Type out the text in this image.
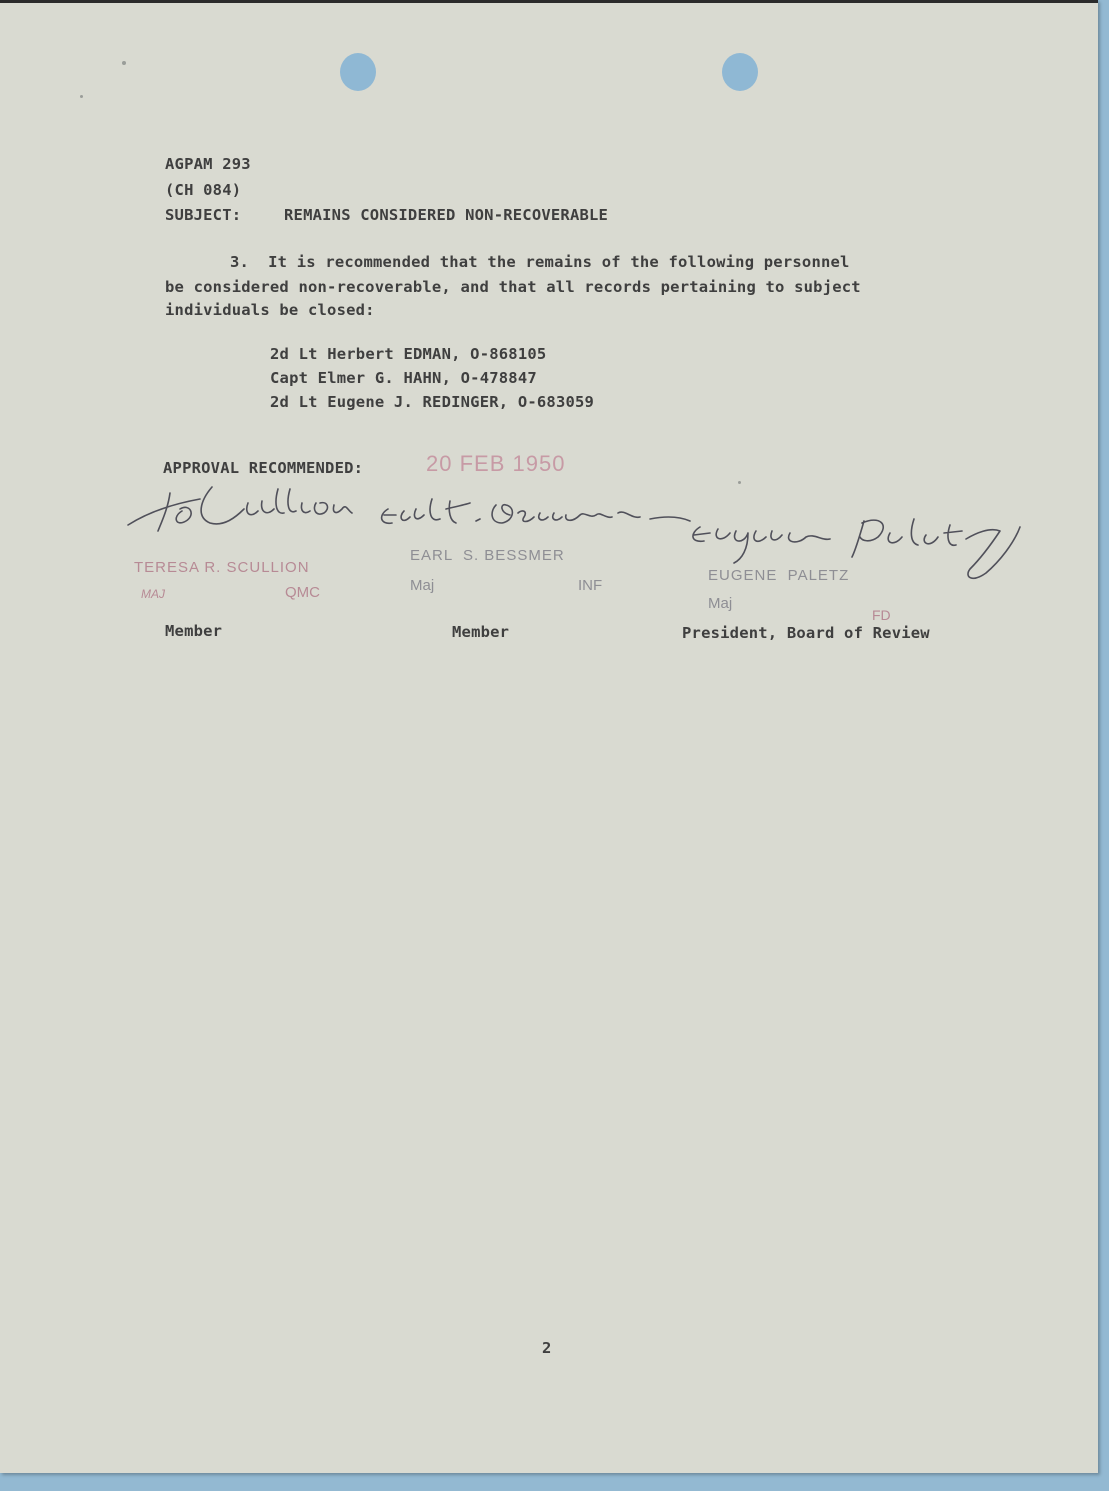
AGPAM 293
(CH 084)
SUBJECT:	REMAINS CONSIDERED NON-RECOVERABLE
3.  It is recommended that the remains of the following personnel
be considered non-recoverable, and that all records pertaining to subject
individuals be closed:
2d Lt Herbert EDMAN, O-868105
Capt Elmer G. HAHN, O-478847
2d Lt Eugene J. REDINGER, O-683059
APPROVAL RECOMMENDED:	20 FEB 1950
TERESA R. SCULLION
MAJ	QMC
EARL  S. BESSMER
Maj	INF
EUGENE  PALETZ
Maj
FD
Member	Member	President, Board of Review
2
